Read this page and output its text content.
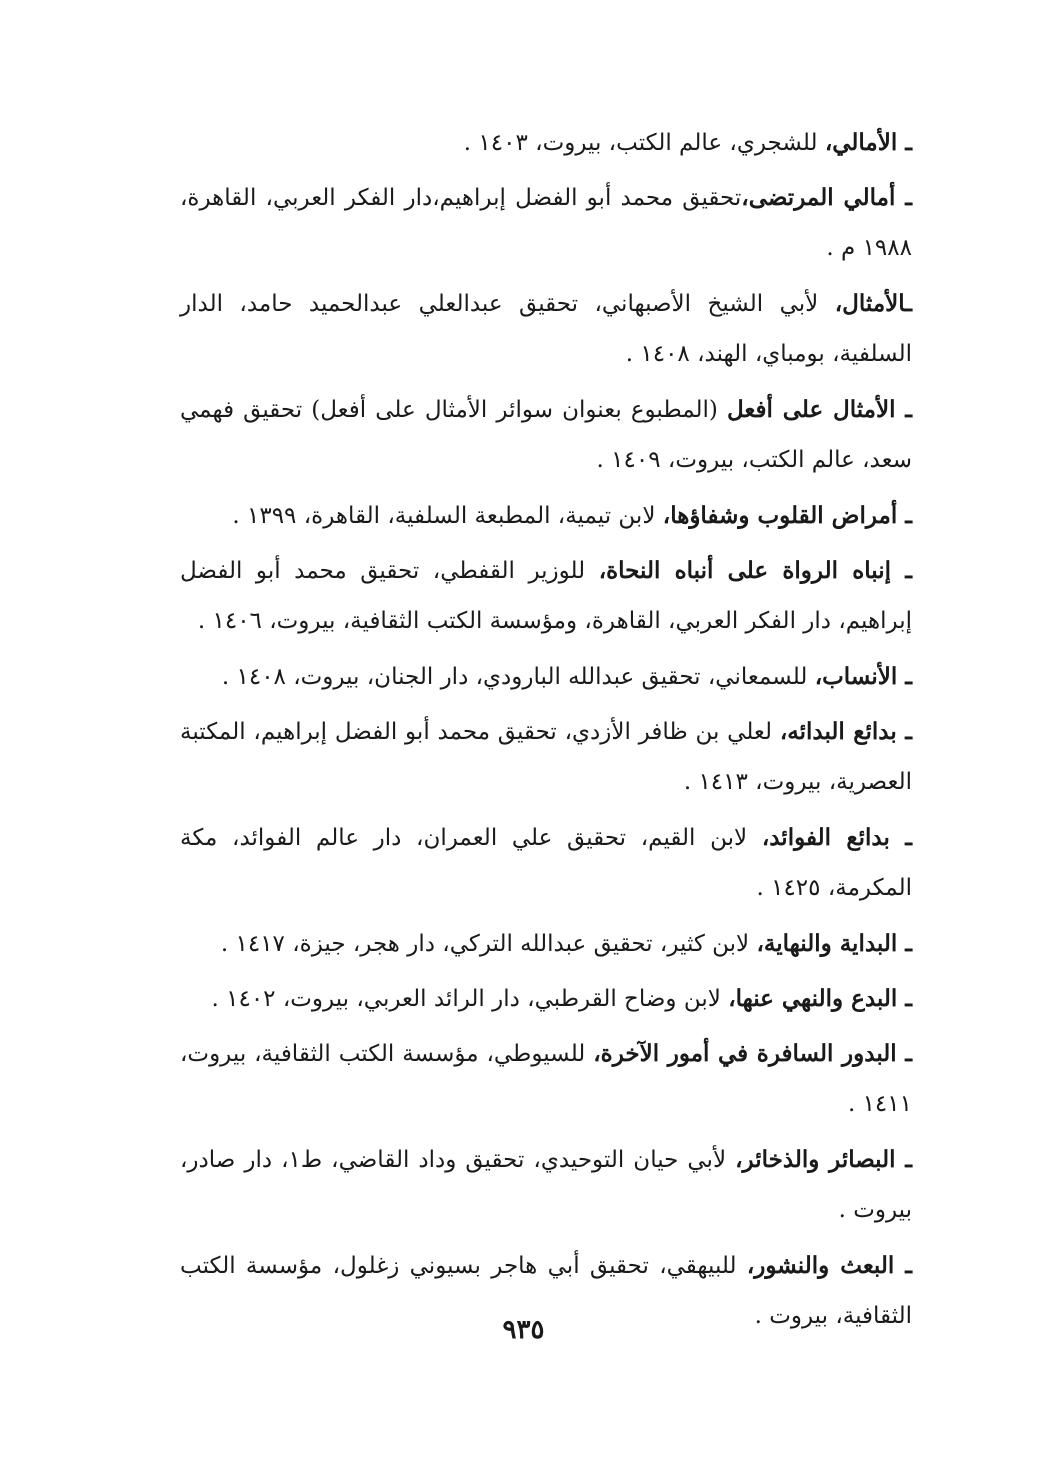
ـ الأمالي، للشجري، عالم الكتب، بيروت، ١٤٠٣ .

ـ أمالي المرتضى،تحقيق محمد أبو الفضل إبراهيم،دار الفكر العربي، القاهرة، ١٩٨٨ م .

ـالأمثال، لأبي الشيخ الأصبهاني، تحقيق عبدالعلي عبدالحميد حامد، الدار السلفية، بومباي، الهند، ١٤٠٨ .

ـ الأمثال على أفعل (المطبوع بعنوان سوائر الأمثال على أفعل) تحقيق فهمي سعد، عالم الكتب، بيروت، ١٤٠٩ .

ـ أمراض القلوب وشفاؤها، لابن تيمية، المطبعة السلفية، القاهرة، ١٣٩٩ .

ـ إنباه الرواة على أنباه النحاة، للوزير القفطي، تحقيق محمد أبو الفضل إبراهيم، دار الفكر العربي، القاهرة، ومؤسسة الكتب الثقافية، بيروت، ١٤٠٦ .

ـ الأنساب، للسمعاني، تحقيق عبدالله البارودي، دار الجنان، بيروت، ١٤٠٨ .

ـ بدائع البدائه، لعلي بن ظافر الأزدي، تحقيق محمد أبو الفضل إبراهيم، المكتبة العصرية، بيروت، ١٤١٣ .

ـ بدائع الفوائد، لابن القيم، تحقيق علي العمران، دار عالم الفوائد، مكة المكرمة، ١٤٢٥ .

ـ البداية والنهاية، لابن كثير، تحقيق عبدالله التركي، دار هجر، جيزة، ١٤١٧ .

ـ البدع والنهي عنها، لابن وضاح القرطبي، دار الرائد العربي، بيروت، ١٤٠٢ .

ـ البدور السافرة في أمور الآخرة، للسيوطي، مؤسسة الكتب الثقافية، بيروت، ١٤١١ .

ـ البصائر والذخائر، لأبي حيان التوحيدي، تحقيق وداد القاضي، ط١، دار صادر، بيروت .

ـ البعث والنشور، للبيهقي، تحقيق أبي هاجر بسيوني زغلول، مؤسسة الكتب الثقافية، بيروت .

٩٣٥
